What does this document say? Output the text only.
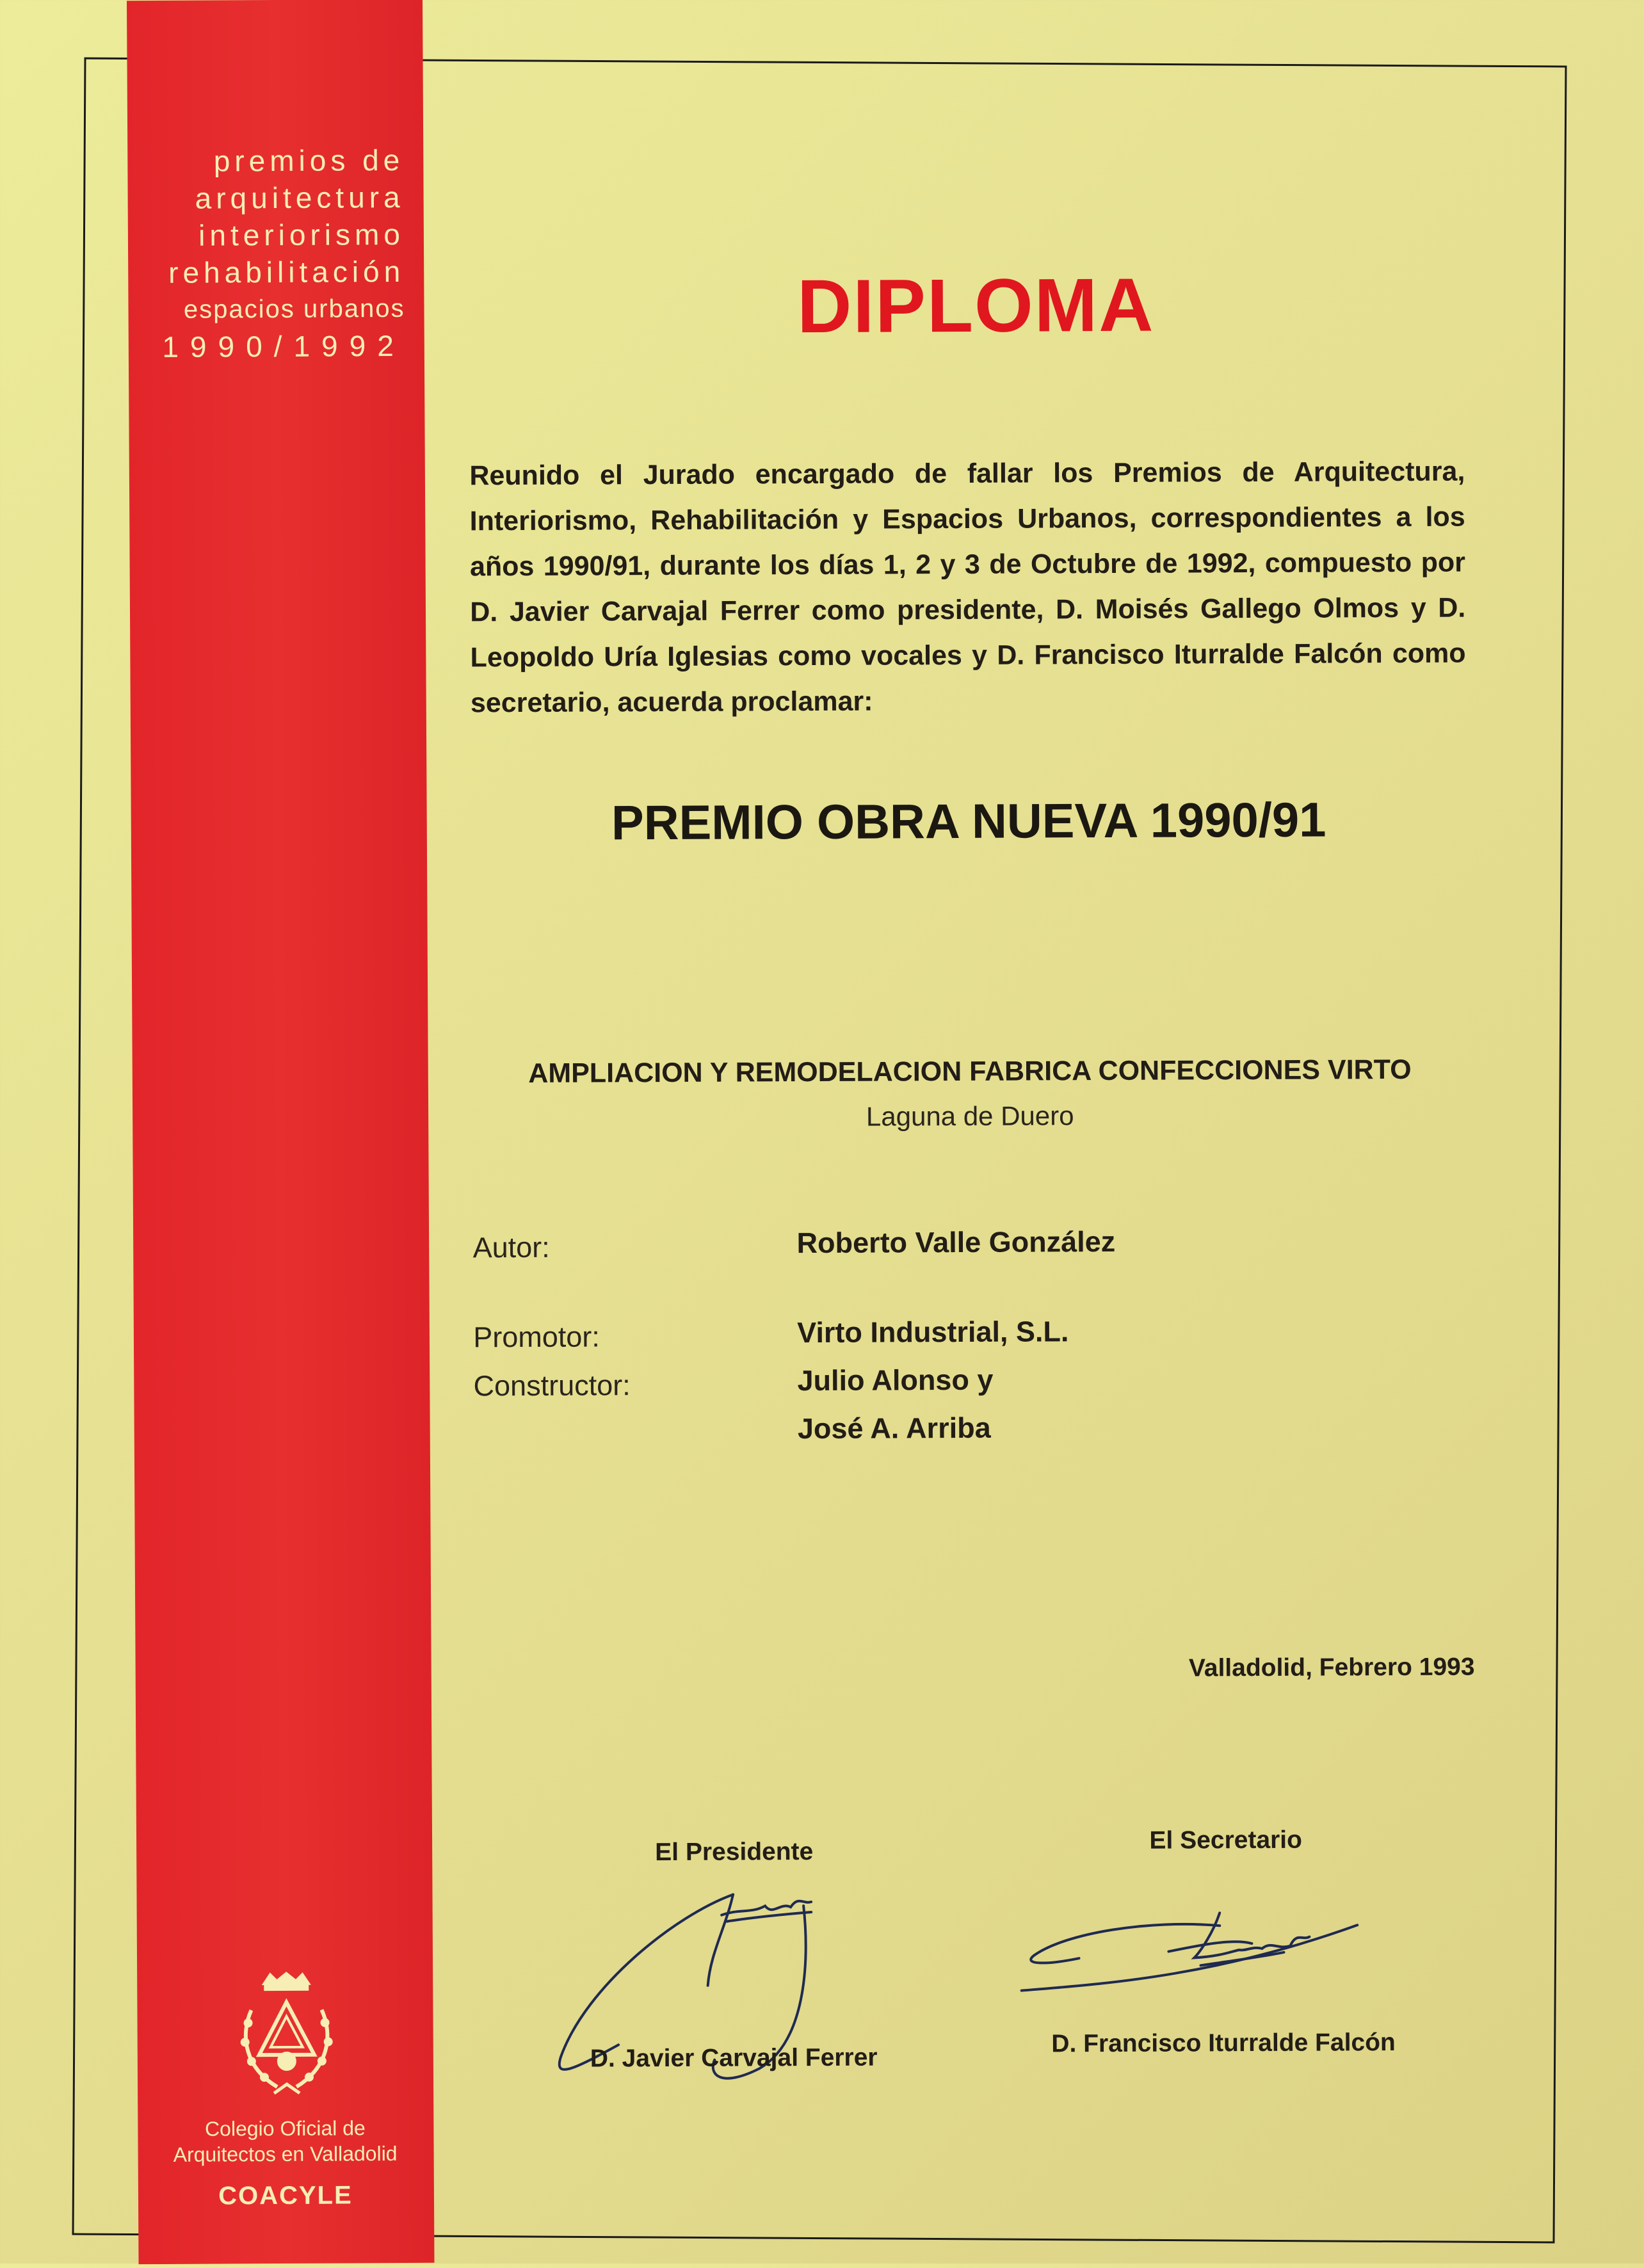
premios de
arquitectura
interiorismo
rehabilitación
espacios urbanos
1990/1992
Colegio Oficial de
Arquitectos en Valladolid
COACYLE
DIPLOMA
Reunido el Jurado encargado de fallar los Premios de Arquitectura, Interiorismo, Rehabilitación y Espacios Urbanos, correspondientes a los años 1990/91, durante los días 1, 2 y 3 de Octubre de 1992, compuesto por D. Javier Carvajal Ferrer como presidente, D. Moisés Gallego Olmos y D. Leopoldo Uría Iglesias como vocales y D. Francisco Iturralde Falcón como secretario, acuerda proclamar:
PREMIO OBRA NUEVA 1990/91
AMPLIACION Y REMODELACION FABRICA CONFECCIONES VIRTO
Laguna de Duero
Autor:	Roberto Valle González
Promotor:	Virto Industrial, S.L.
Constructor:	Julio Alonso y
José A. Arriba
Valladolid, Febrero 1993
El Presidente
D. Javier Carvajal Ferrer
El Secretario
D. Francisco Iturralde Falcón
